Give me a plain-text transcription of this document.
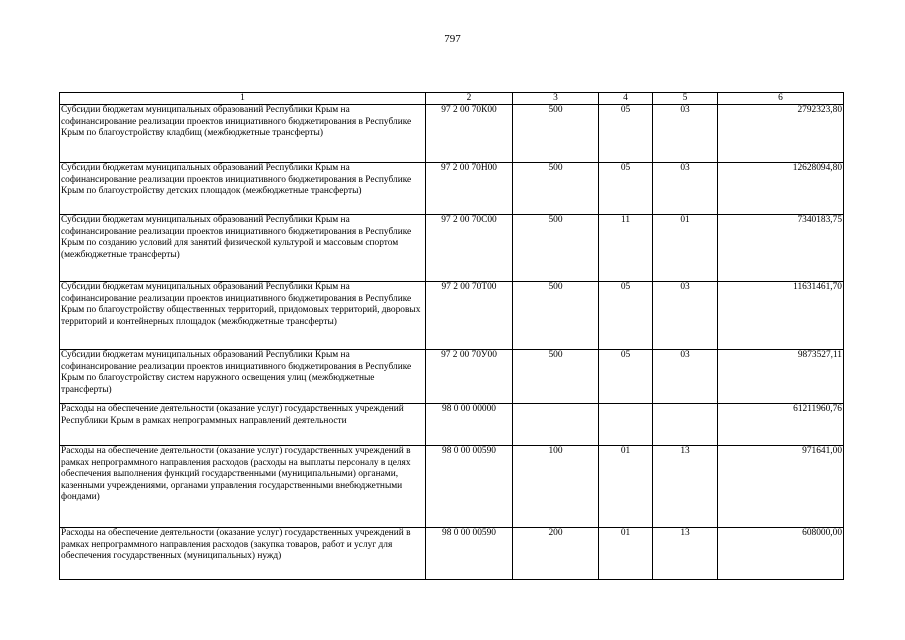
797
1	2	3	4	5	6
Субсидии бюджетам муниципальных образований Республики Крым на софинансирование реализации проектов инициативного бюджетирования в Республике Крым по благоустройству кладбищ (межбюджетные трансферты)	97 2 00 70К00	500	05	03	2792323,80
Субсидии бюджетам муниципальных образований Республики Крым на софинансирование реализации проектов инициативного бюджетирования в Республике Крым по благоустройству детских площадок (межбюджетные трансферты)	97 2 00 70Н00	500	05	03	12628094,80
Субсидии бюджетам муниципальных образований Республики Крым на софинансирование реализации проектов инициативного бюджетирования в Республике Крым по созданию условий для занятий физической культурой и массовым спортом (межбюджетные трансферты)	97 2 00 70С00	500	11	01	7340183,75
Субсидии бюджетам муниципальных образований Республики Крым на софинансирование реализации проектов инициативного бюджетирования в Республике Крым по благоустройству общественных территорий, придомовых территорий, дворовых территорий и контейнерных площадок (межбюджетные трансферты)	97 2 00 70Т00	500	05	03	11631461,70
Субсидии бюджетам муниципальных образований Республики Крым на софинансирование реализации проектов инициативного бюджетирования в Республике Крым по благоустройству систем наружного освещения улиц (межбюджетные трансферты)	97 2 00 70У00	500	05	03	9873527,11
Расходы на обеспечение деятельности (оказание услуг) государственных учреждений Республики Крым в рамках непрограммных направлений деятельности	98 0 00 00000				61211960,76
Расходы на обеспечение деятельности (оказание услуг) государственных учреждений в рамках непрограммного направления расходов (расходы на выплаты персоналу в целях обеспечения выполнения функций государственными (муниципальными) органами, казенными учреждениями, органами управления государственными внебюджетными фондами)	98 0 00 00590	100	01	13	971641,00
Расходы на обеспечение деятельности (оказание услуг) государственных учреждений в рамках непрограммного направления расходов (закупка товаров, работ и услуг для обеспечения государственных (муниципальных) нужд)	98 0 00 00590	200	01	13	608000,00
